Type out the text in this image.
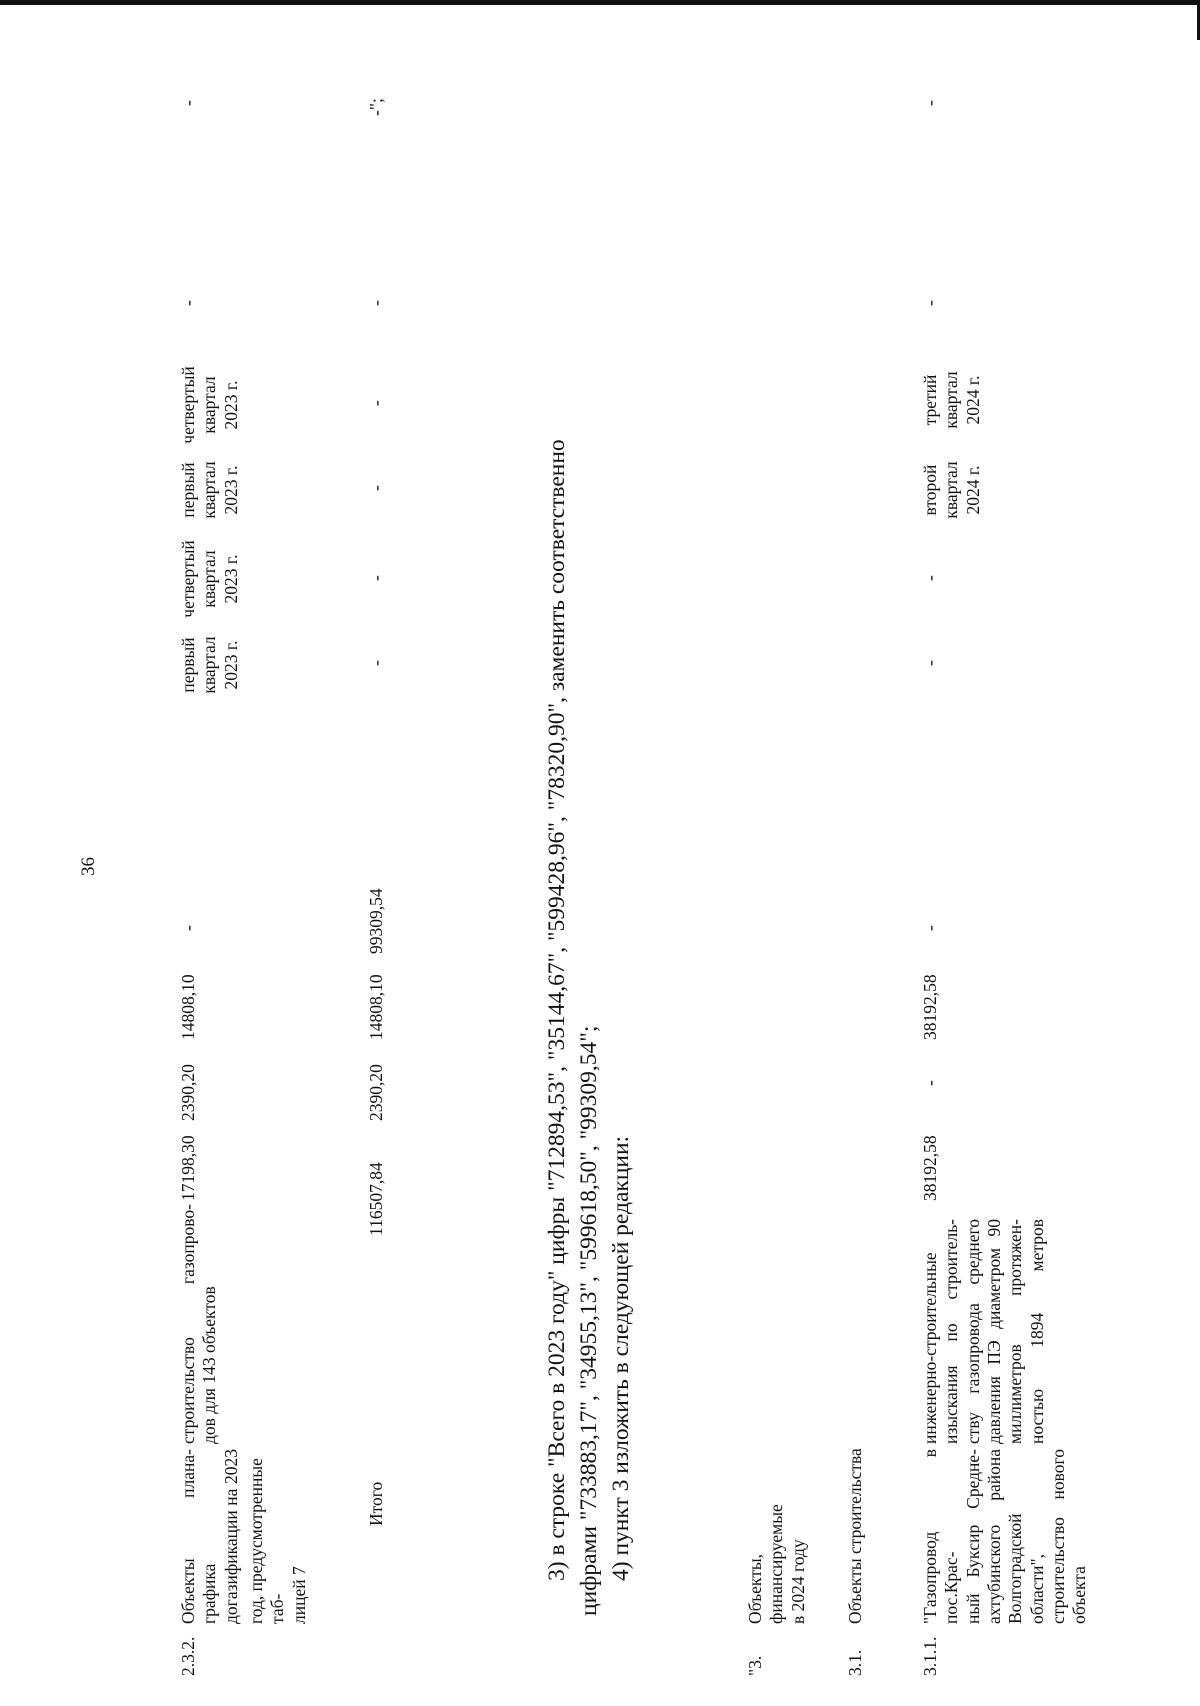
36
2.3.2.
Объекты плана-графика догазификации на 2023 год, предусмотренные таб- лицей 7
строительство газопрово- дов для 143 объектов
17198,30
2390,20
14808,10
-
первый квартал 2023 г.
четвертый квартал 2023 г.
первый квартал 2023 г.
четвертый квартал 2023 г.
-
-
Итого
116507,84
2390,20
14808,10
99309,54
-
-
-
-
-
-";
3) в строке "Всего в 2023 году" цифры "712894,53", "35144,67", "599428,96", "78320,90", заменить соответственно цифрами "733883,17", "34955,13", "599618,50", "99309,54"; 4) пункт 3 изложить в следующей редакции:
"3.
Объекты, финансируемые в 2024 году
3.1.
Объекты строительства
3.1.1.
"Газопровод в пос.Крас- ный Букcир Средне- ахтубинского района Волгоградской области", строительство нового объекта
инженерно-строительные изыскания по строитель- ству газопровода среднего давления ПЭ диаметром 90 миллиметров протяжен- ностью 1894 метров
38192,58
-
38192,58
-
-
-
второй квартал 2024 г.
третий квартал 2024 г.
-
-
